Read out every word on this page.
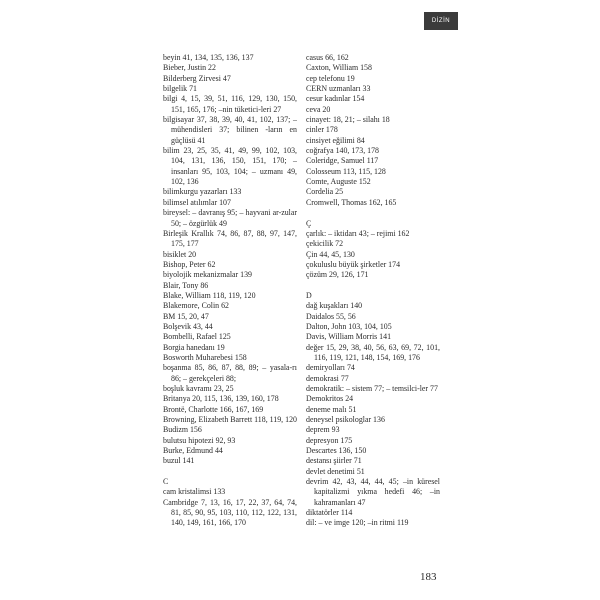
DİZİN
beyin 41, 134, 135, 136, 137
Bieber, Justin 22
Bilderberg Zirvesi 47
bilgelik 71
bilgi 4, 15, 39, 51, 116, 129, 130, 150, 151, 165, 176; –nin tüketici-leri 27
bilgisayar 37, 38, 39, 40, 41, 102, 137; – mühendisleri 37; bilinen -ların en güçlüsü 41
bilim 23, 25, 35, 41, 49, 99, 102, 103, 104, 131, 136, 150, 151, 170; – insanları 95, 103, 104; – uzmanı 49, 102, 136
bilimkurgu yazarları 133
bilimsel atılımlar 107
bireysel: – davranış 95; – hayvani ar-zular 50; – özgürlük 49
Birleşik Krallık 74, 86, 87, 88, 97, 147, 175, 177
bisiklet 20
Bishop, Peter 62
biyolojik mekanizmalar 139
Blair, Tony 86
Blake, William 118, 119, 120
Blakemore, Colin 62
BM 15, 20, 47
Bolşevik 43, 44
Bombelli, Rafael 125
Borgia hanedanı 19
Bosworth Muharebesi 158
boşanma 85, 86, 87, 88, 89; – yasala-rı 86; – gerekçeleri 88;
boşluk kavramı 23, 25
Britanya 20, 115, 136, 139, 160, 178
Brontë, Charlotte 166, 167, 169
Browning, Elizabeth Barrett 118, 119, 120
Budizm 156
bulutsu hipotezi 92, 93
Burke, Edmund 44
buzul 141
C
cam kristalimsi 133
Cambridge 7, 13, 16, 17, 22, 37, 64, 74, 81, 85, 90, 95, 103, 110, 112, 122, 131, 140, 149, 161, 166, 170
casus 66, 162
Caxton, William 158
cep telefonu 19
CERN uzmanları 33
cesur kadınlar 154
ceva 20
cinayet: 18, 21; – silahı 18
cinler 178
cinsiyet eğilimi 84
coğrafya 140, 173, 178
Coleridge, Samuel 117
Colosseum 113, 115, 128
Comte, Auguste 152
Cordelia 25
Cromwell, Thomas 162, 165
Ç
çarlık: – iktidarı 43; – rejimi 162
çekicilik 72
Çin 44, 45, 130
çokuluslu büyük şirketler 174
çözüm 29, 126, 171
D
dağ kuşakları 140
Daidalos 55, 56
Dalton, John 103, 104, 105
Davis, William Morris 141
değer 15, 29, 38, 40, 56, 63, 69, 72, 101, 116, 119, 121, 148, 154, 169, 176
demiryolları 74
demokrasi 77
demokratik: – sistem 77; – temsilci-ler 77
Demokritos 24
deneme malı 51
deneysel psikologlar 136
deprem 93
depresyon 175
Descartes 136, 150
destansı şiirler 71
devlet denetimi 51
devrim 42, 43, 44, 44, 45; –in küresel kapitalizmi yıkma hedefi 46; –in kahramanları 47
diktatörler 114
dil: – ve imge 120; –in ritmi 119
183
